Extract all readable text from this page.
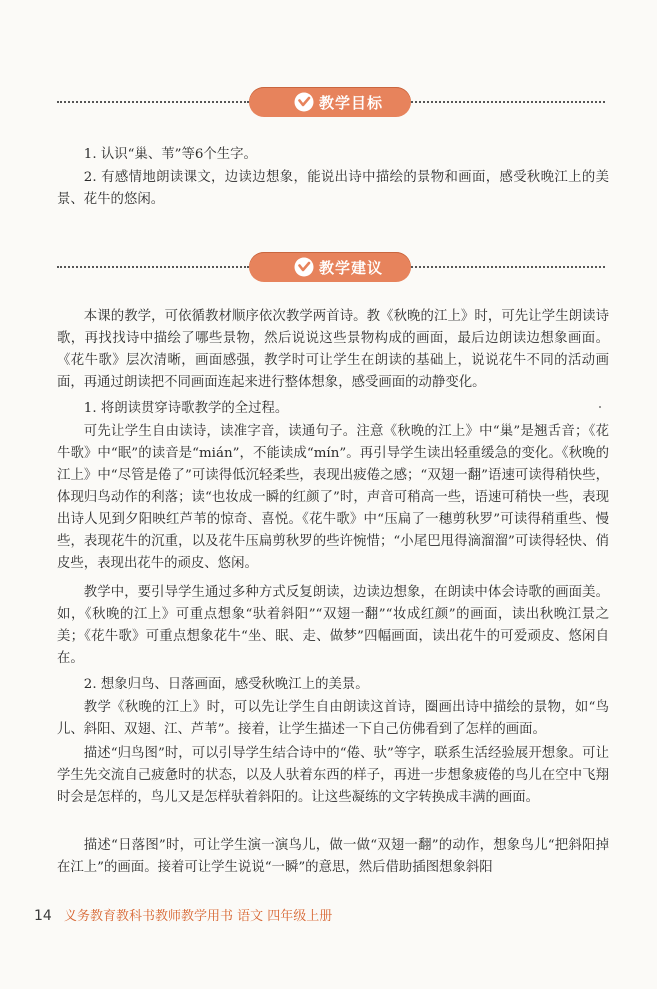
教学目标

1. 认识“巢、苇”等6个生字。

2. 有感情地朗读课文，边读边想象，能说出诗中描绘的景物和画面，感受秋晚江上的美景、花牛的悠闲。

教学建议

本课的教学，可依循教材顺序依次教学两首诗。教《秋晚的江上》时，可先让学生朗读诗歌，再找找诗中描绘了哪些景物，然后说说这些景物构成的画面，最后边朗读边想象画面。《花牛歌》层次清晰，画面感强，教学时可让学生在朗读的基础上，说说花牛不同的活动画面，再通过朗读把不同画面连起来进行整体想象，感受画面的动静变化。

1. 将朗读贯穿诗歌教学的全过程。

可先让学生自由读诗，读准字音，读通句子。注意《秋晚的江上》中“巢”是翘舌音；《花牛歌》中“眠”的读音是“mián”，不能读成“mín”。再引导学生读出轻重缓急的变化。《秋晚的江上》中“尽管是倦了”可读得低沉轻柔些，表现出疲倦之感；“双翅一翻”语速可读得稍快些，体现归鸟动作的利落；读“也妆成一瞬的红颜了”时，声音可稍高一些，语速可稍快一些，表现出诗人见到夕阳映红芦苇的惊奇、喜悦。《花牛歌》中“压扁了一穗剪秋罗”可读得稍重些、慢些，表现花牛的沉重，以及花牛压扁剪秋罗的些许惋惜；“小尾巴甩得滴溜溜”可读得轻快、俏皮些，表现出花牛的顽皮、悠闲。

教学中，要引导学生通过多种方式反复朗读，边读边想象，在朗读中体会诗歌的画面美。如，《秋晚的江上》可重点想象“驮着斜阳”“双翅一翻”“妆成红颜”的画面，读出秋晚江景之美；《花牛歌》可重点想象花牛“坐、眠、走、做梦”四幅画面，读出花牛的可爱顽皮、悠闲自在。

2. 想象归鸟、日落画面，感受秋晚江上的美景。

教学《秋晚的江上》时，可以先让学生自由朗读这首诗，圈画出诗中描绘的景物，如“鸟儿、斜阳、双翅、江、芦苇”。接着，让学生描述一下自己仿佛看到了怎样的画面。

描述“归鸟图”时，可以引导学生结合诗中的“倦、驮”等字，联系生活经验展开想象。可让学生先交流自己疲惫时的状态，以及人驮着东西的样子，再进一步想象疲倦的鸟儿在空中飞翔时会是怎样的，鸟儿又是怎样驮着斜阳的。让这些凝练的文字转换成丰满的画面。

描述“日落图”时，可让学生演一演鸟儿，做一做“双翅一翻”的动作，想象鸟儿“把斜阳掉在江上”的画面。接着可让学生说说“一瞬”的意思，然后借助插图想象斜阳

14 义务教育教科书教师教学用书 语文 四年级上册
